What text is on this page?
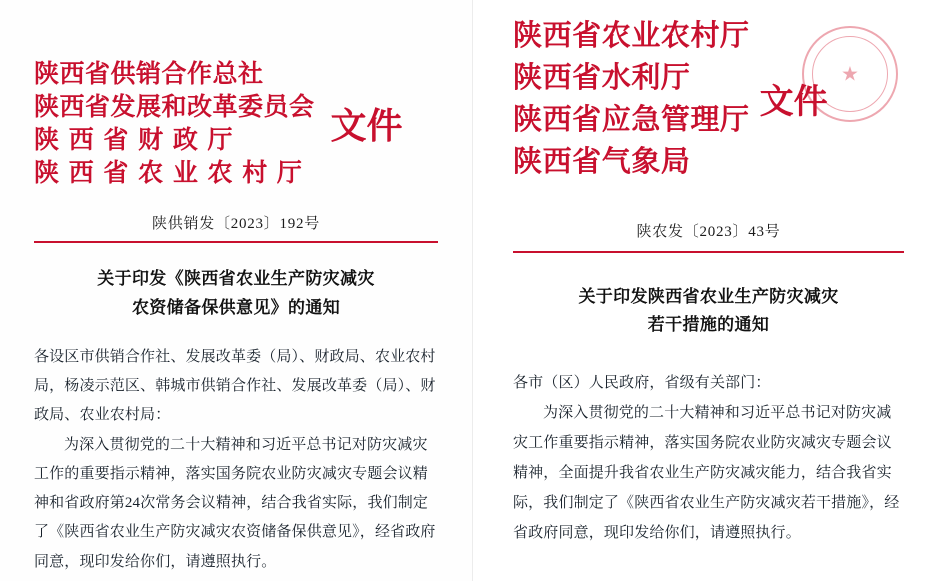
陕西省供销合作总社
陕西省发展和改革委员会
陕 西 省 财 政 厅
陕 西 省 农 业 农 村 厅
文件
陕供销发〔2023〕192号
关于印发《陕西省农业生产防灾减灾
农资储备保供意见》的通知

各设区市供销合作社、发展改革委（局）、财政局、农业农村局，杨凌示范区、韩城市供销合作社、发展改革委（局）、财政局、农业农村局：

为深入贯彻党的二十大精神和习近平总书记对防灾减灾工作的重要指示精神，落实国务院农业防灾减灾专题会议精神和省政府第24次常务会议精神，结合我省实际，我们制定了《陕西省农业生产防灾减灾农资储备保供意见》，经省政府同意，现印发给你们，请遵照执行。

陕西省农业农村厅
陕西省水利厅
陕西省应急管理厅
陕西省气象局
文件
★
陕农发〔2023〕43号
关于印发陕西省农业生产防灾减灾
若干措施的通知

各市（区）人民政府，省级有关部门：

为深入贯彻党的二十大精神和习近平总书记对防灾减灾工作重要指示精神，落实国务院农业防灾减灾专题会议精神，全面提升我省农业生产防灾减灾能力，结合我省实际，我们制定了《陕西省农业生产防灾减灾若干措施》，经省政府同意，现印发给你们，请遵照执行。
